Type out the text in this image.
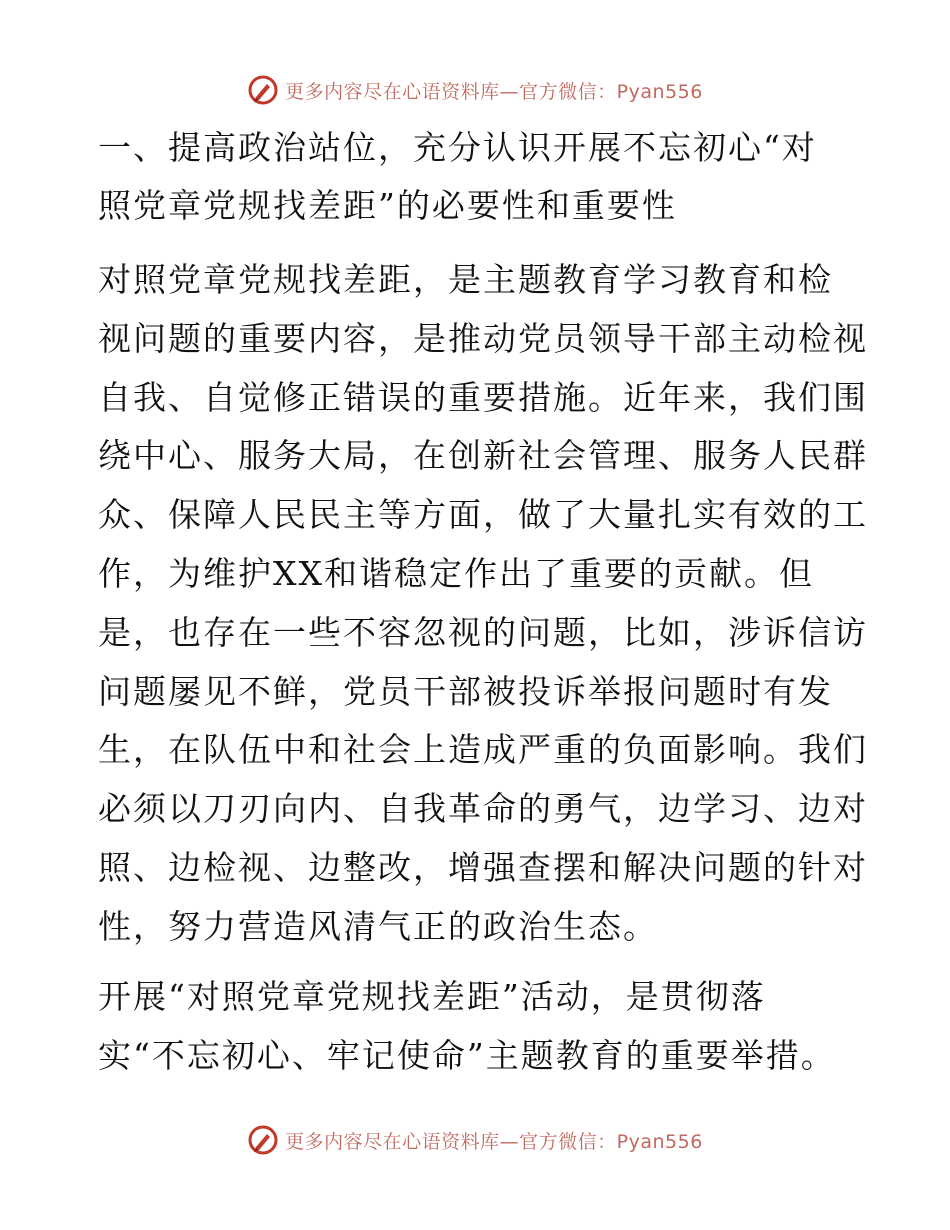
更多内容尽在心语资料库—官方微信：Pyan556
一、提高政治站位，充分认识开展不忘初心“对
照党章党规找差距”的必要性和重要性
对照党章党规找差距，是主题教育学习教育和检
视问题的重要内容，是推动党员领导干部主动检视
自我、自觉修正错误的重要措施。近年来，我们围
绕中心、服务大局，在创新社会管理、服务人民群
众、保障人民民主等方面，做了大量扎实有效的工
作，为维护XX和谐稳定作出了重要的贡献。但
是，也存在一些不容忽视的问题，比如，涉诉信访
问题屡见不鲜，党员干部被投诉举报问题时有发
生，在队伍中和社会上造成严重的负面影响。我们
必须以刀刃向内、自我革命的勇气，边学习、边对
照、边检视、边整改，增强查摆和解决问题的针对
性，努力营造风清气正的政治生态。
开展“对照党章党规找差距”活动，是贯彻落
实“不忘初心、牢记使命”主题教育的重要举措。
更多内容尽在心语资料库—官方微信：Pyan556
